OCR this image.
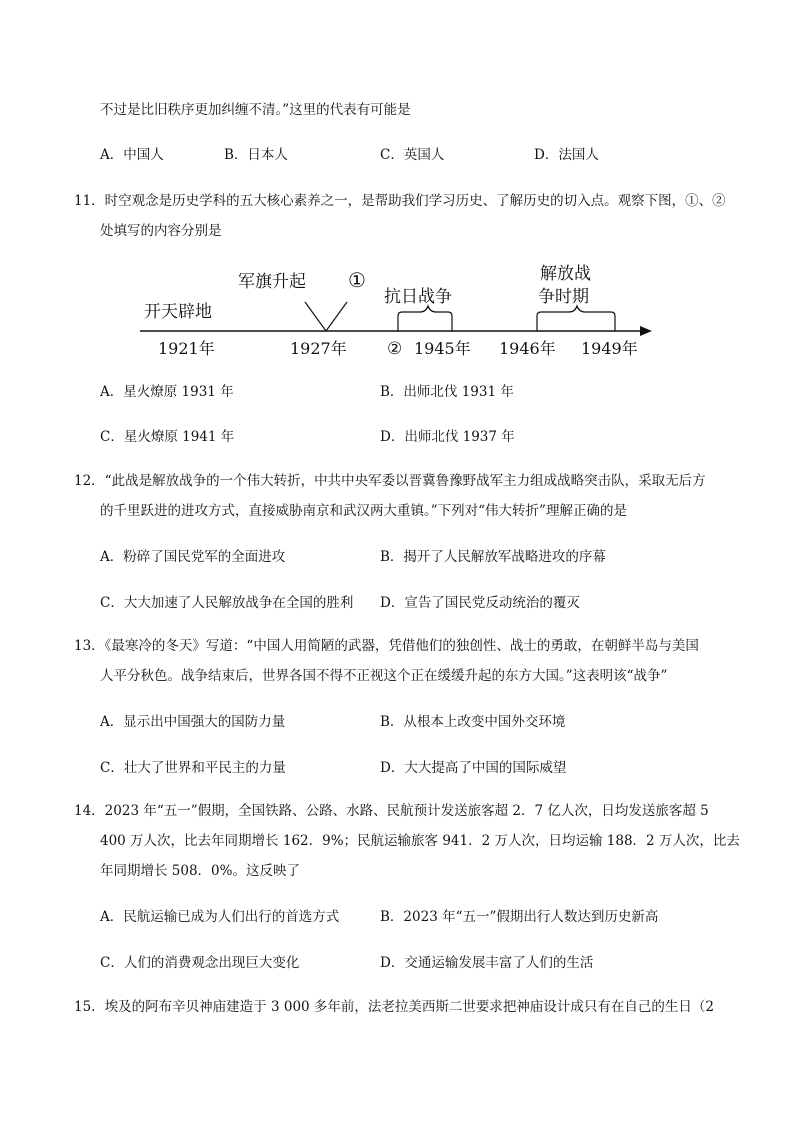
不过是比旧秩序更加纠缠不清。”这里的代表有可能是
A．中国人	B．日本人	C．英国人	D．法国人
11．时空观念是历史学科的五大核心素养之一，是帮助我们学习历史、了解历史的切入点。观察下图，①、②
处填写的内容分别是
开天辟地
军旗升起 ①
抗日战争
解放战
争时期
1921年	1927年 ② 1945年 1946年 1949年
A．星火燎原 1931 年	B．出师北伐 1931 年
C．星火燎原 1941 年	D．出师北伐 1937 年
12．“此战是解放战争的一个伟大转折，中共中央军委以晋冀鲁豫野战军主力组成战略突击队，采取无后方
的千里跃进的进攻方式，直接威胁南京和武汉两大重镇。”下列对“伟大转折”理解正确的是
A．粉碎了国民党军的全面进攻	B．揭开了人民解放军战略进攻的序幕
C．大大加速了人民解放战争在全国的胜利 D．宣告了国民党反动统治的覆灭
13．《最寒冷的冬天》写道：“中国人用简陋的武器，凭借他们的独创性、战士的勇敢，在朝鲜半岛与美国
人平分秋色。战争结束后，世界各国不得不正视这个正在缓缓升起的东方大国。”这表明该“战争”
A．显示出中国强大的国防力量	B．从根本上改变中国外交环境
C．壮大了世界和平民主的力量	D．大大提高了中国的国际威望
14．2023 年“五一”假期，全国铁路、公路、水路、民航预计发送旅客超 2．7 亿人次，日均发送旅客超 5
400 万人次，比去年同期增长 162．9%；民航运输旅客 941．2 万人次，日均运输 188．2 万人次，比去
年同期增长 508．0%。这反映了
A．民航运输已成为人们出行的首选方式	B．2023 年“五一”假期出行人数达到历史新高
C．人们的消费观念出现巨大变化	D．交通运输发展丰富了人们的生活
15．埃及的阿布辛贝神庙建造于 3 000 多年前，法老拉美西斯二世要求把神庙设计成只有在自己的生日（2
